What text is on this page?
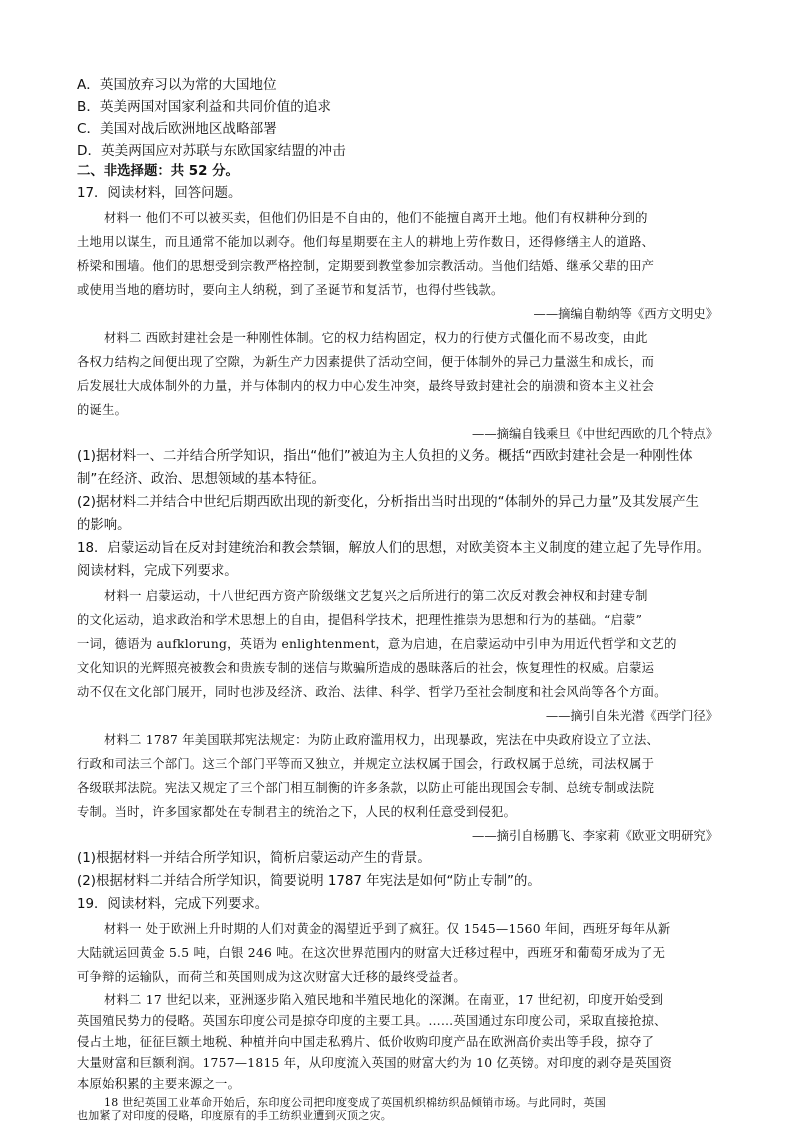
A．英国放弃习以为常的大国地位
B．英美两国对国家利益和共同价值的追求
C．美国对战后欧洲地区战略部署
D．英美两国应对苏联与东欧国家结盟的冲击
二、非选择题：共 52 分。
17．阅读材料，回答问题。
材料一 他们不可以被买卖，但他们仍旧是不自由的，他们不能擅自离开土地。他们有权耕种分到的
土地用以谋生，而且通常不能加以剥夺。他们每星期要在主人的耕地上劳作数日，还得修缮主人的道路、
桥梁和围墙。他们的思想受到宗教严格控制，定期要到教堂参加宗教活动。当他们结婚、继承父辈的田产
或使用当地的磨坊时，要向主人纳税，到了圣诞节和复活节，也得付些钱款。
——摘编自勒纳等《西方文明史》
材料二 西欧封建社会是一种刚性体制。它的权力结构固定，权力的行使方式僵化而不易改变，由此
各权力结构之间便出现了空隙，为新生产力因素提供了活动空间，便于体制外的异己力量滋生和成长，而
后发展壮大成体制外的力量，并与体制内的权力中心发生冲突，最终导致封建社会的崩溃和资本主义社会
的诞生。
——摘编自钱乘旦《中世纪西欧的几个特点》
(1)据材料一、二并结合所学知识，指出“他们”被迫为主人负担的义务。概括“西欧封建社会是一种刚性体
制”在经济、政治、思想领域的基本特征。
(2)据材料二并结合中世纪后期西欧出现的新变化，分析指出当时出现的“体制外的异己力量”及其发展产生
的影响。
18．启蒙运动旨在反对封建统治和教会禁锢，解放人们的思想，对欧美资本主义制度的建立起了先导作用。
阅读材料，完成下列要求。
材料一 启蒙运动，十八世纪西方资产阶级继文艺复兴之后所进行的第二次反对教会神权和封建专制
的文化运动，追求政治和学术思想上的自由，提倡科学技术，把理性推崇为思想和行为的基础。“启蒙”
一词，德语为 aufklorung，英语为 enlightenment，意为启迪，在启蒙运动中引申为用近代哲学和文艺的
文化知识的光辉照亮被教会和贵族专制的迷信与欺骗所造成的愚昧落后的社会，恢复理性的权威。启蒙运
动不仅在文化部门展开，同时也涉及经济、政治、法律、科学、哲学乃至社会制度和社会风尚等各个方面。
——摘引自朱光潜《西学门径》
材料二 1787 年美国联邦宪法规定：为防止政府滥用权力，出现暴政，宪法在中央政府设立了立法、
行政和司法三个部门。这三个部门平等而又独立，并规定立法权属于国会，行政权属于总统，司法权属于
各级联邦法院。宪法又规定了三个部门相互制衡的许多条款，以防止可能出现国会专制、总统专制或法院
专制。当时，许多国家都处在专制君主的统治之下，人民的权利任意受到侵犯。
——摘引自杨鹏飞、李家莉《欧亚文明研究》
(1)根据材料一并结合所学知识，简析启蒙运动产生的背景。
(2)根据材料二并结合所学知识，简要说明 1787 年宪法是如何“防止专制”的。
19．阅读材料，完成下列要求。
材料一 处于欧洲上升时期的人们对黄金的渴望近乎到了疯狂。仅 1545—1560 年间，西班牙每年从新
大陆就运回黄金 5.5 吨，白银 246 吨。在这次世界范围内的财富大迁移过程中，西班牙和葡萄牙成为了无
可争辩的运输队，而荷兰和英国则成为这次财富大迁移的最终受益者。
材料二 17 世纪以来，亚洲逐步陷入殖民地和半殖民地化的深渊。在南亚，17 世纪初，印度开始受到
英国殖民势力的侵略。英国东印度公司是掠夺印度的主要工具。……英国通过东印度公司，采取直接抢掠、
侵占土地，征征巨额土地税、种植并向中国走私鸦片、低价收购印度产品在欧洲高价卖出等手段，掠夺了
大量财富和巨额利润。1757—1815 年，从印度流入英国的财富大约为 10 亿英镑。对印度的剥夺是英国资
本原始积累的主要来源之一。
18 世纪英国工业革命开始后，东印度公司把印度变成了英国机织棉纺织品倾销市场。与此同时，英国
也加紧了对印度的侵略，印度原有的手工纺织业遭到灭顶之灾。
